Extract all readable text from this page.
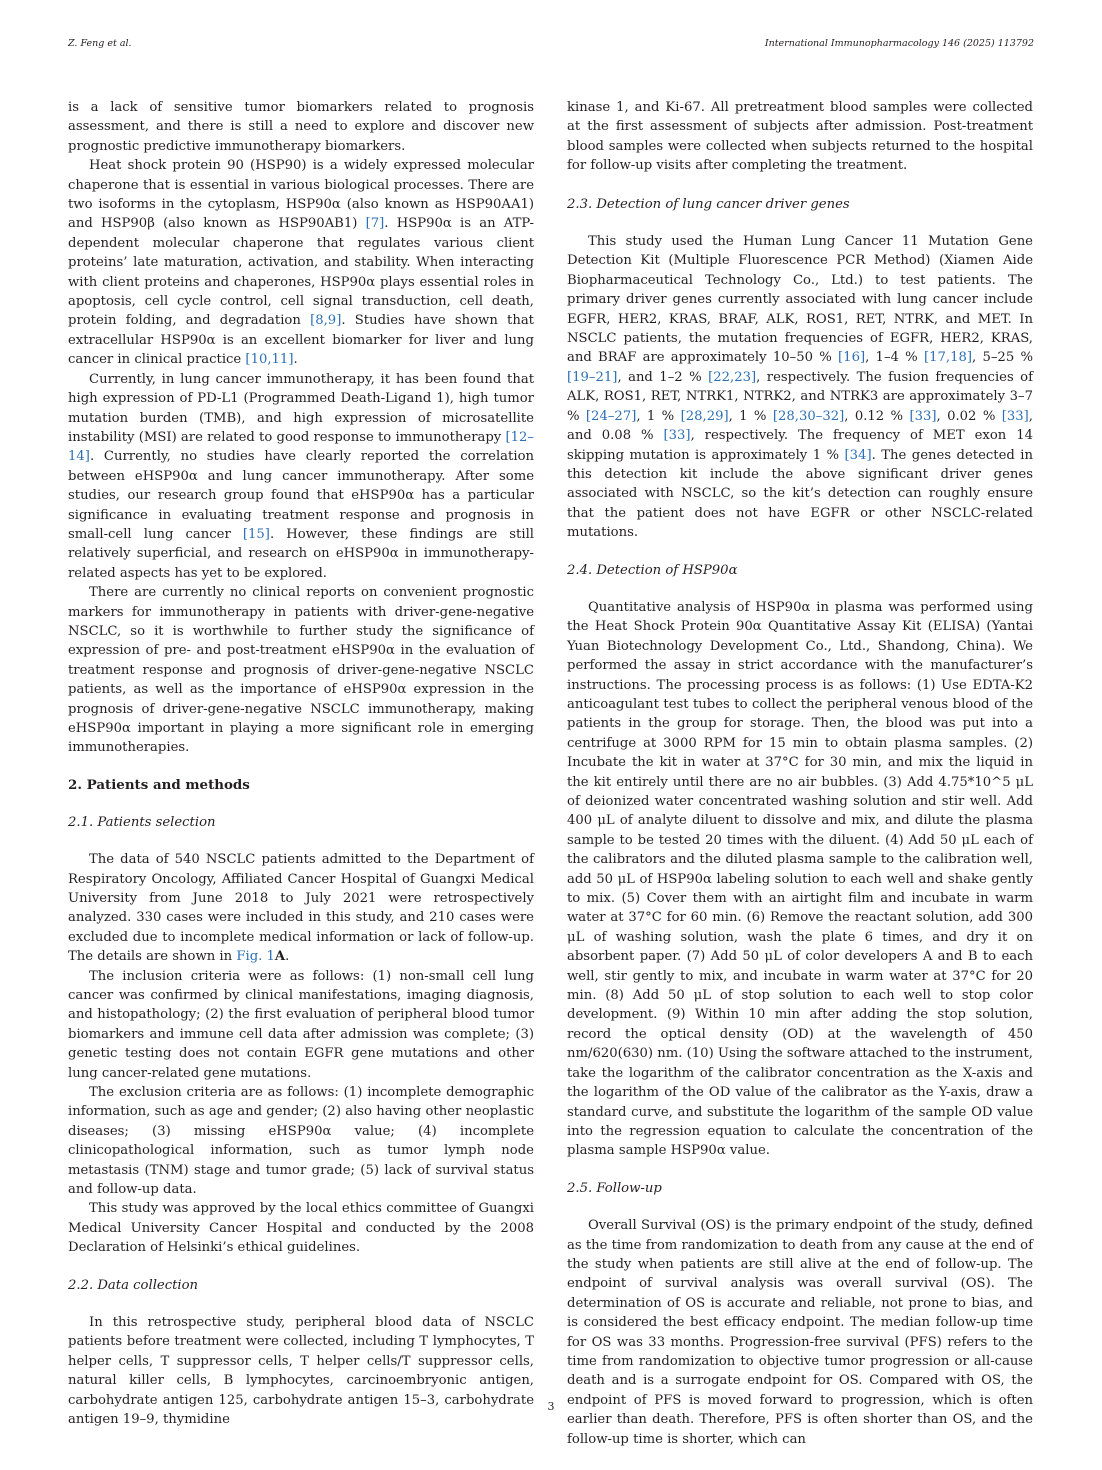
Z. Feng et al.	International Immunopharmacology 146 (2025) 113792

is a lack of sensitive tumor biomarkers related to prognosis assessment, and there is still a need to explore and discover new prognostic predictive immunotherapy biomarkers.

Heat shock protein 90 (HSP90) is a widely expressed molecular chaperone that is essential in various biological processes. There are two isoforms in the cytoplasm, HSP90α (also known as HSP90AA1) and HSP90β (also known as HSP90AB1) [7]. HSP90α is an ATP-dependent molecular chaperone that regulates various client proteins’ late maturation, activation, and stability. When interacting with client proteins and chaperones, HSP90α plays essential roles in apoptosis, cell cycle control, cell signal transduction, cell death, protein folding, and degradation [8,9]. Studies have shown that extracellular HSP90α is an excellent biomarker for liver and lung cancer in clinical practice [10,11].

Currently, in lung cancer immunotherapy, it has been found that high expression of PD-L1 (Programmed Death-Ligand 1), high tumor mutation burden (TMB), and high expression of microsatellite instability (MSI) are related to good response to immunotherapy [12–14]. Currently, no studies have clearly reported the correlation between eHSP90α and lung cancer immunotherapy. After some studies, our research group found that eHSP90α has a particular significance in evaluating treatment response and prognosis in small-cell lung cancer [15]. However, these findings are still relatively superficial, and research on eHSP90α in immunotherapy-related aspects has yet to be explored.

There are currently no clinical reports on convenient prognostic markers for immunotherapy in patients with driver-gene-negative NSCLC, so it is worthwhile to further study the significance of expression of pre- and post-treatment eHSP90α in the evaluation of treatment response and prognosis of driver-gene-negative NSCLC patients, as well as the importance of eHSP90α expression in the prognosis of driver-gene-negative NSCLC immunotherapy, making eHSP90α important in playing a more significant role in emerging immunotherapies.

2. Patients and methods
2.1. Patients selection

The data of 540 NSCLC patients admitted to the Department of Respiratory Oncology, Affiliated Cancer Hospital of Guangxi Medical University from June 2018 to July 2021 were retrospectively analyzed. 330 cases were included in this study, and 210 cases were excluded due to incomplete medical information or lack of follow-up. The details are shown in Fig. 1A.

The inclusion criteria were as follows: (1) non-small cell lung cancer was confirmed by clinical manifestations, imaging diagnosis, and histopathology; (2) the first evaluation of peripheral blood tumor biomarkers and immune cell data after admission was complete; (3) genetic testing does not contain EGFR gene mutations and other lung cancer-related gene mutations.

The exclusion criteria are as follows: (1) incomplete demographic information, such as age and gender; (2) also having other neoplastic diseases; (3) missing eHSP90α value; (4) incomplete clinicopathological information, such as tumor lymph node metastasis (TNM) stage and tumor grade; (5) lack of survival status and follow-up data.

This study was approved by the local ethics committee of Guangxi Medical University Cancer Hospital and conducted by the 2008 Declaration of Helsinki’s ethical guidelines.

2.2. Data collection

In this retrospective study, peripheral blood data of NSCLC patients before treatment were collected, including T lymphocytes, T helper cells, T suppressor cells, T helper cells/T suppressor cells, natural killer cells, B lymphocytes, carcinoembryonic antigen, carbohydrate antigen 125, carbohydrate antigen 15–3, carbohydrate antigen 19–9, thymidine

kinase 1, and Ki-67. All pretreatment blood samples were collected at the first assessment of subjects after admission. Post-treatment blood samples were collected when subjects returned to the hospital for follow-up visits after completing the treatment.

2.3. Detection of lung cancer driver genes

This study used the Human Lung Cancer 11 Mutation Gene Detection Kit (Multiple Fluorescence PCR Method) (Xiamen Aide Biopharmaceutical Technology Co., Ltd.) to test patients. The primary driver genes currently associated with lung cancer include EGFR, HER2, KRAS, BRAF, ALK, ROS1, RET, NTRK, and MET. In NSCLC patients, the mutation frequencies of EGFR, HER2, KRAS, and BRAF are approximately 10–50 % [16], 1–4 % [17,18], 5–25 % [19–21], and 1–2 % [22,23], respectively. The fusion frequencies of ALK, ROS1, RET, NTRK1, NTRK2, and NTRK3 are approximately 3–7 % [24–27], 1 % [28,29], 1 % [28,30–32], 0.12 % [33], 0.02 % [33], and 0.08 % [33], respectively. The frequency of MET exon 14 skipping mutation is approximately 1 % [34]. The genes detected in this detection kit include the above significant driver genes associated with NSCLC, so the kit’s detection can roughly ensure that the patient does not have EGFR or other NSCLC-related mutations.

2.4. Detection of HSP90α

Quantitative analysis of HSP90α in plasma was performed using the Heat Shock Protein 90α Quantitative Assay Kit (ELISA) (Yantai Yuan Biotechnology Development Co., Ltd., Shandong, China). We performed the assay in strict accordance with the manufacturer’s instructions. The processing process is as follows: (1) Use EDTA-K2 anticoagulant test tubes to collect the peripheral venous blood of the patients in the group for storage. Then, the blood was put into a centrifuge at 3000 RPM for 15 min to obtain plasma samples. (2) Incubate the kit in water at 37°C for 30 min, and mix the liquid in the kit entirely until there are no air bubbles. (3) Add 4.75*10^5 μL of deionized water concentrated washing solution and stir well. Add 400 μL of analyte diluent to dissolve and mix, and dilute the plasma sample to be tested 20 times with the diluent. (4) Add 50 μL each of the calibrators and the diluted plasma sample to the calibration well, add 50 μL of HSP90α labeling solution to each well and shake gently to mix. (5) Cover them with an airtight film and incubate in warm water at 37°C for 60 min. (6) Remove the reactant solution, add 300 μL of washing solution, wash the plate 6 times, and dry it on absorbent paper. (7) Add 50 μL of color developers A and B to each well, stir gently to mix, and incubate in warm water at 37°C for 20 min. (8) Add 50 μL of stop solution to each well to stop color development. (9) Within 10 min after adding the stop solution, record the optical density (OD) at the wavelength of 450 nm/620(630) nm. (10) Using the software attached to the instrument, take the logarithm of the calibrator concentration as the X-axis and the logarithm of the OD value of the calibrator as the Y-axis, draw a standard curve, and substitute the logarithm of the sample OD value into the regression equation to calculate the concentration of the plasma sample HSP90α value.

2.5. Follow-up

Overall Survival (OS) is the primary endpoint of the study, defined as the time from randomization to death from any cause at the end of the study when patients are still alive at the end of follow-up. The endpoint of survival analysis was overall survival (OS). The determination of OS is accurate and reliable, not prone to bias, and is considered the best efficacy endpoint. The median follow-up time for OS was 33 months. Progression-free survival (PFS) refers to the time from randomization to objective tumor progression or all-cause death and is a surrogate endpoint for OS. Compared with OS, the endpoint of PFS is moved forward to progression, which is often earlier than death. Therefore, PFS is often shorter than OS, and the follow-up time is shorter, which can

3
